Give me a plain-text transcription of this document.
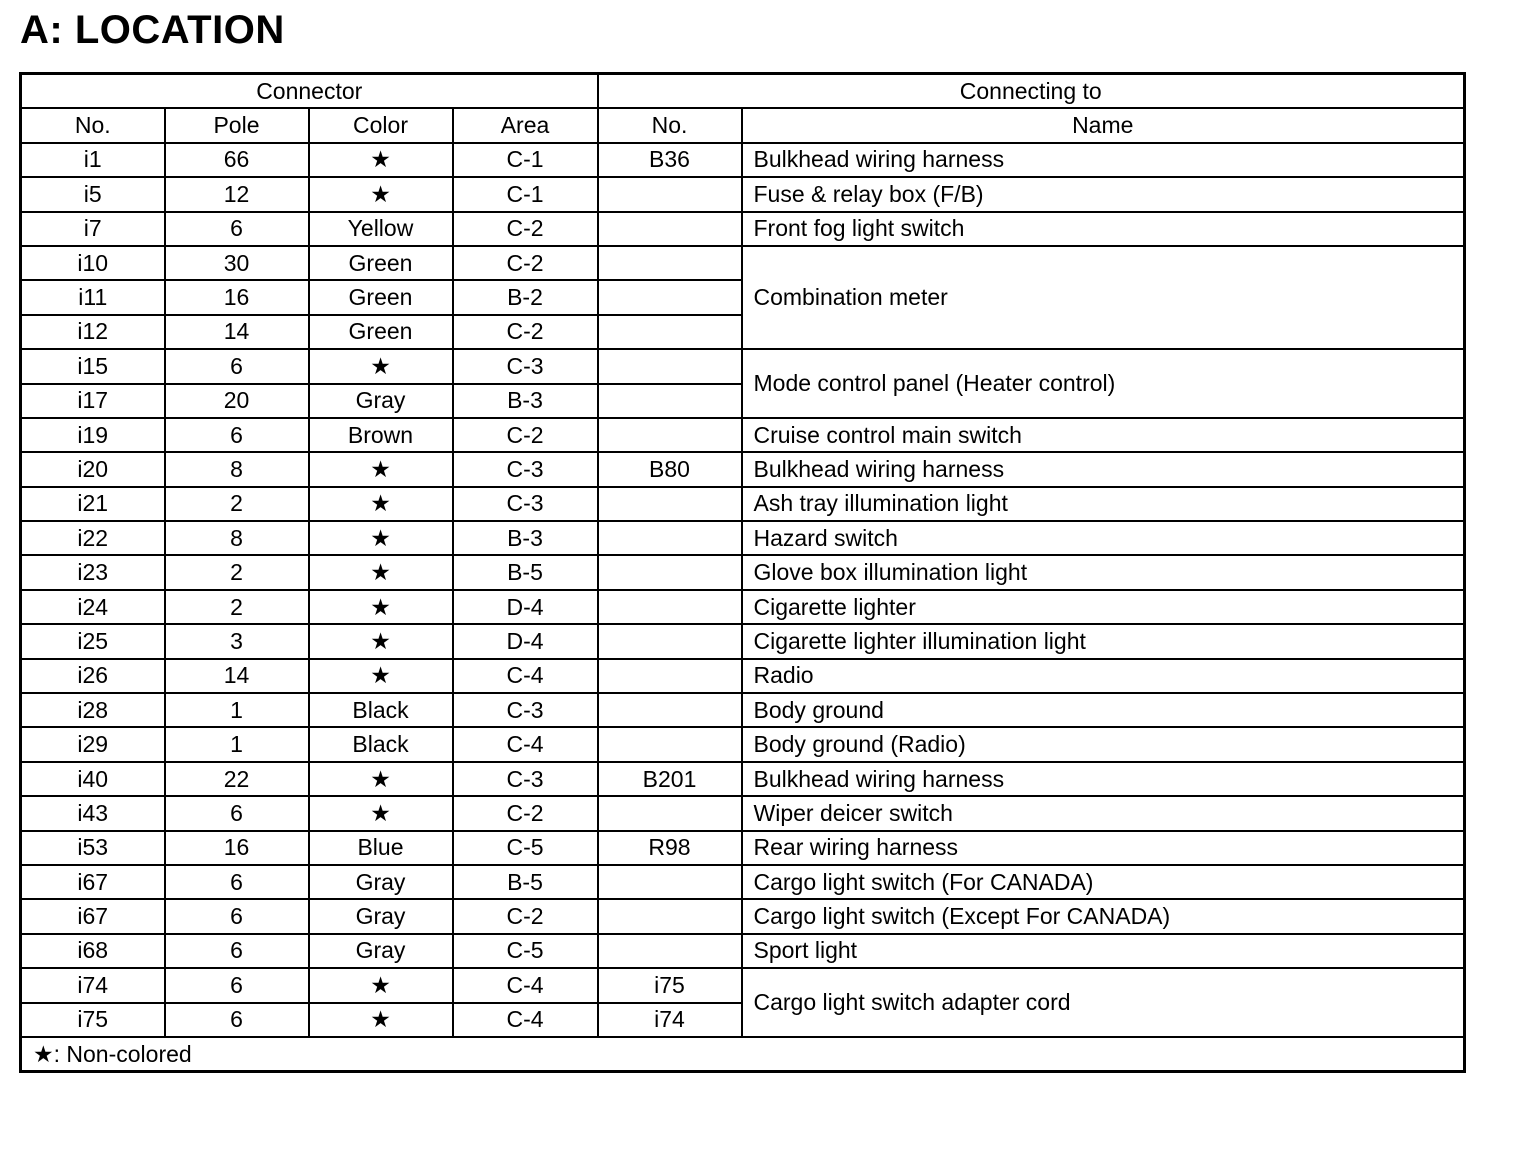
A: LOCATION
Connector				Connecting to	
No.	Pole	Color	Area	No.	Name
i1	66	★	C-1	B36	Bulkhead wiring harness
i5	12	★	C-1		Fuse & relay box (F/B)
i7	6	Yellow	C-2		Front fog light switch
i10	30	Green	C-2		Combination meter
i11	16	Green	B-2		
i12	14	Green	C-2		
i15	6	★	C-3		Mode control panel (Heater control)
i17	20	Gray	B-3		
i19	6	Brown	C-2		Cruise control main switch
i20	8	★	C-3	B80	Bulkhead wiring harness
i21	2	★	C-3		Ash tray illumination light
i22	8	★	B-3		Hazard switch
i23	2	★	B-5		Glove box illumination light
i24	2	★	D-4		Cigarette lighter
i25	3	★	D-4		Cigarette lighter illumination light
i26	14	★	C-4		Radio
i28	1	Black	C-3		Body ground
i29	1	Black	C-4		Body ground (Radio)
i40	22	★	C-3	B201	Bulkhead wiring harness
i43	6	★	C-2		Wiper deicer switch
i53	16	Blue	C-5	R98	Rear wiring harness
i67	6	Gray	B-5		Cargo light switch (For CANADA)
i67	6	Gray	C-2		Cargo light switch (Except For CANADA)
i68	6	Gray	C-5		Sport light
i74	6	★	C-4	i75	Cargo light switch adapter cord
i75	6	★	C-4	i74	
★: Non-colored					
